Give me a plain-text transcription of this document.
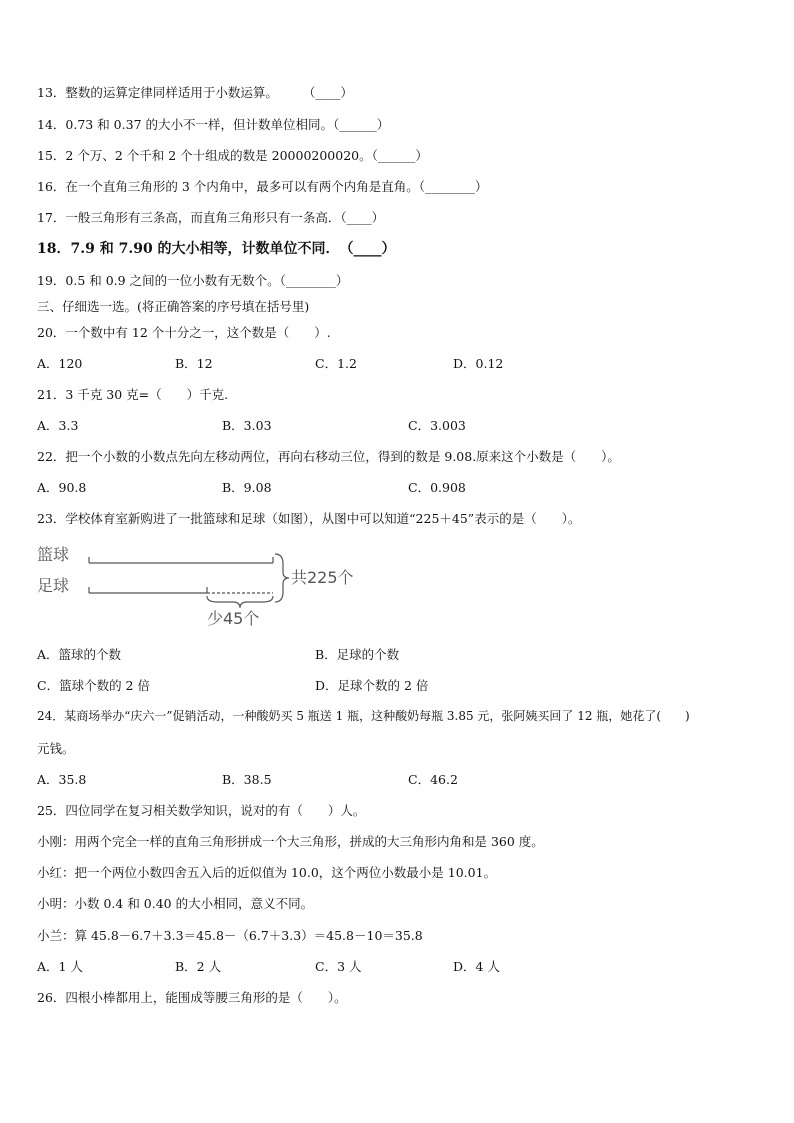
13．整数的运算定律同样适用于小数运算。　　　（____）
14．0.73 和 0.37 的大小不一样，但计数单位相同。（______）
15．2 个万、2 个千和 2 个十组成的数是 20000200020。（______）
16．在一个直角三角形的 3 个内角中，最多可以有两个内角是直角。（________）
17．一般三角形有三条高，而直角三角形只有一条高．（____）
18．7.9 和 7.90 的大小相等，计数单位不同．　（____）
19．0.5 和 0.9 之间的一位小数有无数个。（________）
三、仔细选一选。(将正确答案的序号填在括号里)
20．一个数中有 12 个十分之一，这个数是（　　）.
A．120	B．12	C．1.2	D．0.12
21．3 千克 30 克=（　　）千克.
A．3.3	B．3.03	C．3.003
22．把一个小数的小数点先向左移动两位，再向右移动三位，得到的数是 9.08.原来这个小数是（　　）。
A．90.8	B．9.08	C．0.908
23．学校体育室新购进了一批篮球和足球（如图），从图中可以知道“225＋45”表示的是（　　）。
篮球
足球	共225个
少45个
A．篮球的个数	B．足球的个数
C．篮球个数的 2 倍	D．足球个数的 2 倍
24．某商场举办“庆六一”促销活动，一种酸奶买 5 瓶送 1 瓶，这种酸奶每瓶 3.85 元，张阿姨买回了 12 瓶，她花了(　　)
元钱。
A．35.8	B．38.5	C．46.2
25．四位同学在复习相关数学知识，说对的有（　　）人。
小刚：用两个完全一样的直角三角形拼成一个大三角形，拼成的大三角形内角和是 360 度。
小红：把一个两位小数四舍五入后的近似值为 10.0，这个两位小数最小是 10.01。
小明：小数 0.4 和 0.40 的大小相同，意义不同。
小兰：算 45.8－6.7＋3.3＝45.8－（6.7＋3.3）＝45.8－10＝35.8
A．1 人	B．2 人	C．3 人	D．4 人
26．四根小棒都用上，能围成等腰三角形的是（　　）。
